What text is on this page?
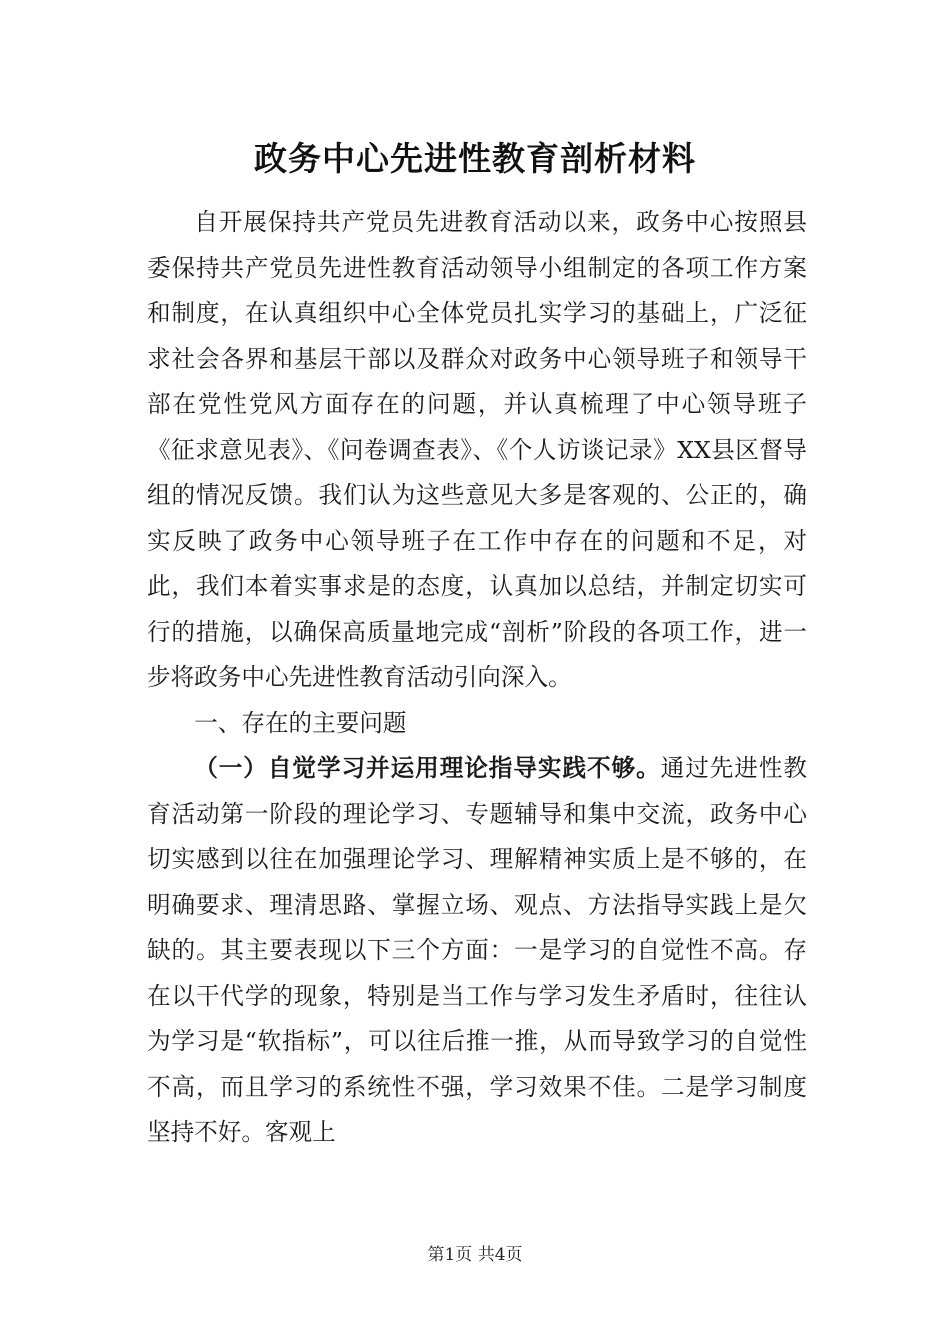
政务中心先进性教育剖析材料

自开展保持共产党员先进教育活动以来，政务中心按照县委保持共产党员先进性教育活动领导小组制定的各项工作方案和制度，在认真组织中心全体党员扎实学习的基础上，广泛征求社会各界和基层干部以及群众对政务中心领导班子和领导干部在党性党风方面存在的问题，并认真梳理了中心领导班子《征求意见表》、《问卷调查表》、《个人访谈记录》XX县区督导组的情况反馈。我们认为这些意见大多是客观的、公正的，确实反映了政务中心领导班子在工作中存在的问题和不足，对此，我们本着实事求是的态度，认真加以总结，并制定切实可行的措施，以确保高质量地完成“剖析”阶段的各项工作，进一步将政务中心先进性教育活动引向深入。

一、存在的主要问题

（一）自觉学习并运用理论指导实践不够。通过先进性教育活动第一阶段的理论学习、专题辅导和集中交流，政务中心切实感到以往在加强理论学习、理解精神实质上是不够的，在明确要求、理清思路、掌握立场、观点、方法指导实践上是欠缺的。其主要表现以下三个方面：一是学习的自觉性不高。存在以干代学的现象，特别是当工作与学习发生矛盾时，往往认为学习是“软指标”，可以往后推一推，从而导致学习的自觉性不高，而且学习的系统性不强，学习效果不佳。二是学习制度坚持不好。客观上

第1页 共4页
